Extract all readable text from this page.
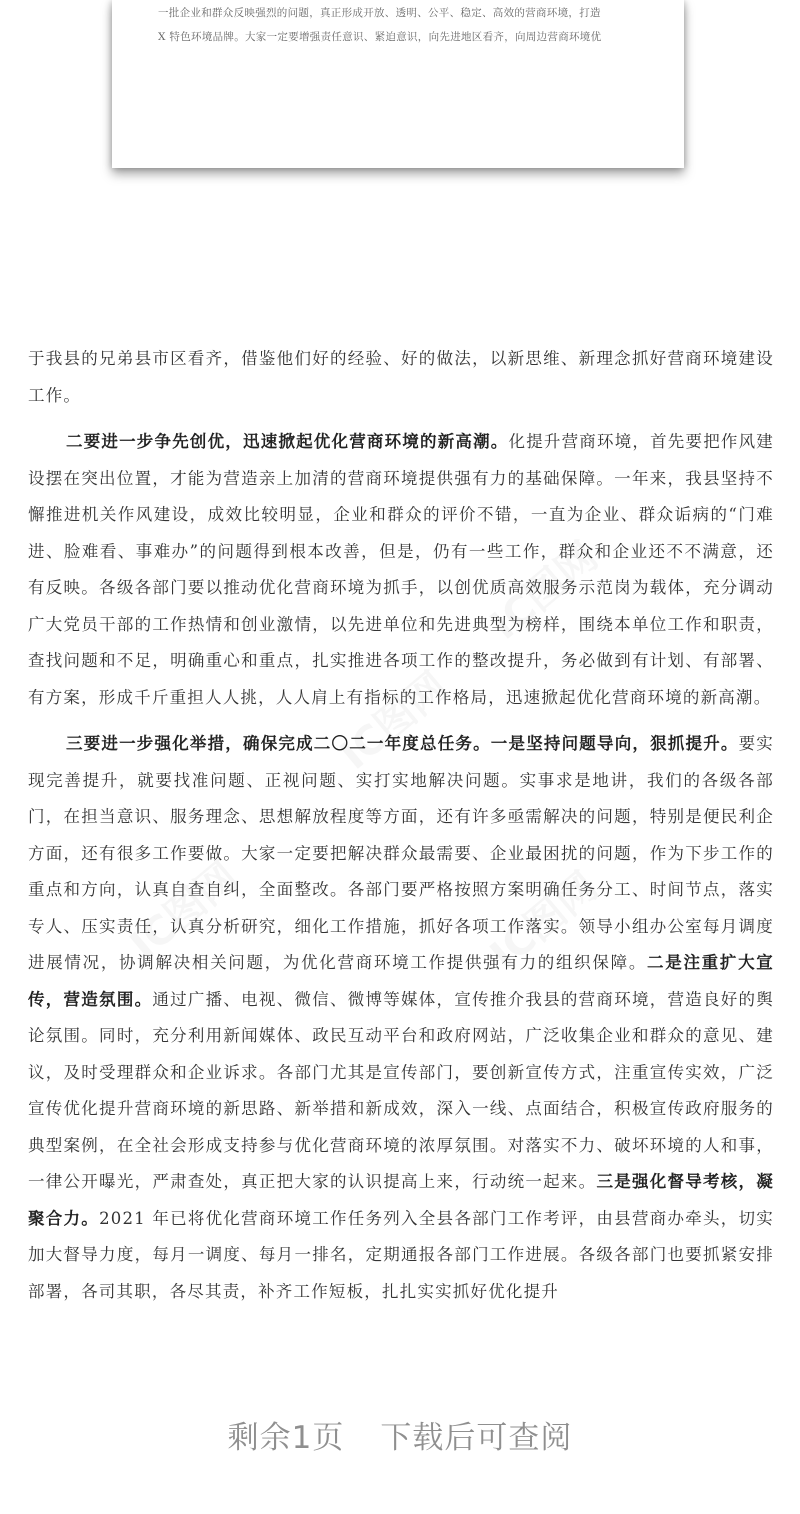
一批企业和群众反映强烈的问题，真正形成开放、透明、公平、稳定、高效的营商环境，打造
X 特色环境品牌。大家一定要增强责任意识、紧迫意识，向先进地区看齐，向周边营商环境优
IC图网
IC图网
IC图网
IC图网

于我县的兄弟县市区看齐，借鉴他们好的经验、好的做法，以新思维、新理念抓好营商环境建设工作。

二要进一步争先创优，迅速掀起优化营商环境的新高潮。化提升营商环境，首先要把作风建设摆在突出位置，才能为营造亲上加清的营商环境提供强有力的基础保障。一年来，我县坚持不懈推进机关作风建设，成效比较明显，企业和群众的评价不错，一直为企业、群众诟病的“门难进、脸难看、事难办”的问题得到根本改善，但是，仍有一些工作，群众和企业还不不满意，还有反映。各级各部门要以推动优化营商环境为抓手，以创优质高效服务示范岗为载体，充分调动广大党员干部的工作热情和创业激情，以先进单位和先进典型为榜样，围绕本单位工作和职责，查找问题和不足，明确重心和重点，扎实推进各项工作的整改提升，务必做到有计划、有部署、有方案，形成千斤重担人人挑，人人肩上有指标的工作格局，迅速掀起优化营商环境的新高潮。

三要进一步强化举措，确保完成二〇二一年度总任务。一是坚持问题导向，狠抓提升。要实现完善提升，就要找准问题、正视问题、实打实地解决问题。实事求是地讲，我们的各级各部门，在担当意识、服务理念、思想解放程度等方面，还有许多亟需解决的问题，特别是便民利企方面，还有很多工作要做。大家一定要把解决群众最需要、企业最困扰的问题，作为下步工作的重点和方向，认真自查自纠，全面整改。各部门要严格按照方案明确任务分工、时间节点，落实专人、压实责任，认真分析研究，细化工作措施，抓好各项工作落实。领导小组办公室每月调度进展情况，协调解决相关问题，为优化营商环境工作提供强有力的组织保障。二是注重扩大宣传，营造氛围。通过广播、电视、微信、微博等媒体，宣传推介我县的营商环境，营造良好的舆论氛围。同时，充分利用新闻媒体、政民互动平台和政府网站，广泛收集企业和群众的意见、建议，及时受理群众和企业诉求。各部门尤其是宣传部门，要创新宣传方式，注重宣传实效，广泛宣传优化提升营商环境的新思路、新举措和新成效，深入一线、点面结合，积极宣传政府服务的典型案例，在全社会形成支持参与优化营商环境的浓厚氛围。对落实不力、破坏环境的人和事，一律公开曝光，严肃查处，真正把大家的认识提高上来，行动统一起来。三是强化督导考核，凝聚合力。2021 年已将优化营商环境工作任务列入全县各部门工作考评，由县营商办牵头，切实加大督导力度，每月一调度、每月一排名，定期通报各部门工作进展。各级各部门也要抓紧安排部署，各司其职，各尽其责，补齐工作短板，扎扎实实抓好优化提升

剩余1页 下载后可查阅
